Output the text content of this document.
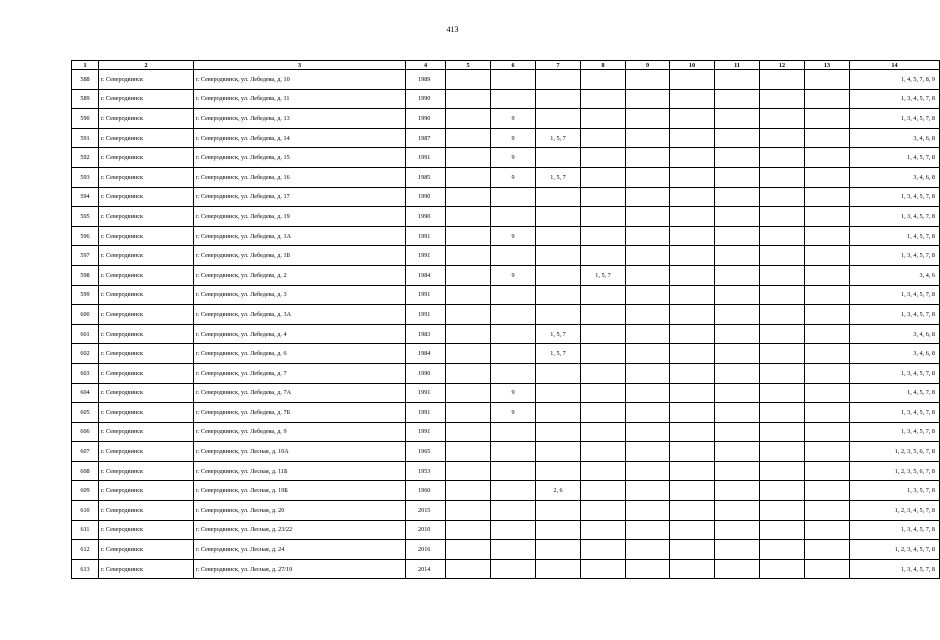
413
1	2	3	4	5	6	7	8	9	10	11	12	13	14
588	г. Северодвинск	г. Северодвинск, ул. Лебедева, д. 10	1989										1, 4, 5, 7, 8, 9
589	г. Северодвинск	г. Северодвинск, ул. Лебедева, д. 11	1990										1, 3, 4, 5, 7, 8
590	г. Северодвинск	г. Северодвинск, ул. Лебедева, д. 13	1990		9								1, 3, 4, 5, 7, 8
591	г. Северодвинск	г. Северодвинск, ул. Лебедева, д. 14	1987		9	1, 5, 7							3, 4, 6, 8
592	г. Северодвинск	г. Северодвинск, ул. Лебедева, д. 15	1991		9								1, 4, 5, 7, 8
593	г. Северодвинск	г. Северодвинск, ул. Лебедева, д. 16	1985		9	1, 5, 7							3, 4, 6, 8
594	г. Северодвинск	г. Северодвинск, ул. Лебедева, д. 17	1990										1, 3, 4, 5, 7, 8
595	г. Северодвинск	г. Северодвинск, ул. Лебедева, д. 19	1990										1, 3, 4, 5, 7, 8
596	г. Северодвинск	г. Северодвинск, ул. Лебедева, д. 1А	1991		9								1, 4, 5, 7, 8
597	г. Северодвинск	г. Северодвинск, ул. Лебедева, д. 1Б	1991										1, 3, 4, 5, 7, 8
598	г. Северодвинск	г. Северодвинск, ул. Лебедева, д. 2	1984		9		1, 5, 7						3, 4, 6
599	г. Северодвинск	г. Северодвинск, ул. Лебедева, д. 3	1991										1, 3, 4, 5, 7, 8
600	г. Северодвинск	г. Северодвинск, ул. Лебедева, д. 3А	1991										1, 3, 4, 5, 7, 8
601	г. Северодвинск	г. Северодвинск, ул. Лебедева, д. 4	1983			1, 5, 7							3, 4, 6, 8
602	г. Северодвинск	г. Северодвинск, ул. Лебедева, д. 6	1984			1, 5, 7							3, 4, 6, 8
603	г. Северодвинск	г. Северодвинск, ул. Лебедева, д. 7	1990										1, 3, 4, 5, 7, 8
604	г. Северодвинск	г. Северодвинск, ул. Лебедева, д. 7А	1991		9								1, 4, 5, 7, 8
605	г. Северодвинск	г. Северодвинск, ул. Лебедева, д. 7Б	1991		9								1, 3, 4, 5, 7, 8
606	г. Северодвинск	г. Северодвинск, ул. Лебедева, д. 9	1991										1, 3, 4, 5, 7, 8
607	г. Северодвинск	г. Северодвинск, ул. Лесная, д. 10А	1965										1, 2, 3, 5, 6, 7, 8
608	г. Северодвинск	г. Северодвинск, ул. Лесная, д. 11Б	1953										1, 2, 3, 5, 6, 7, 8
609	г. Северодвинск	г. Северодвинск, ул. Лесная, д. 19Б	1960			2, 6							1, 3, 5, 7, 8
610	г. Северодвинск	г. Северодвинск, ул. Лесная, д. 20	2015										1, 2, 3, 4, 5, 7, 8
611	г. Северодвинск	г. Северодвинск, ул. Лесная, д. 23/22	2010										1, 3, 4, 5, 7, 8
612	г. Северодвинск	г. Северодвинск, ул. Лесная, д. 24	2016										1, 2, 3, 4, 5, 7, 8
613	г. Северодвинск	г. Северодвинск, ул. Лесная, д. 27/19	2014										1, 3, 4, 5, 7, 8
